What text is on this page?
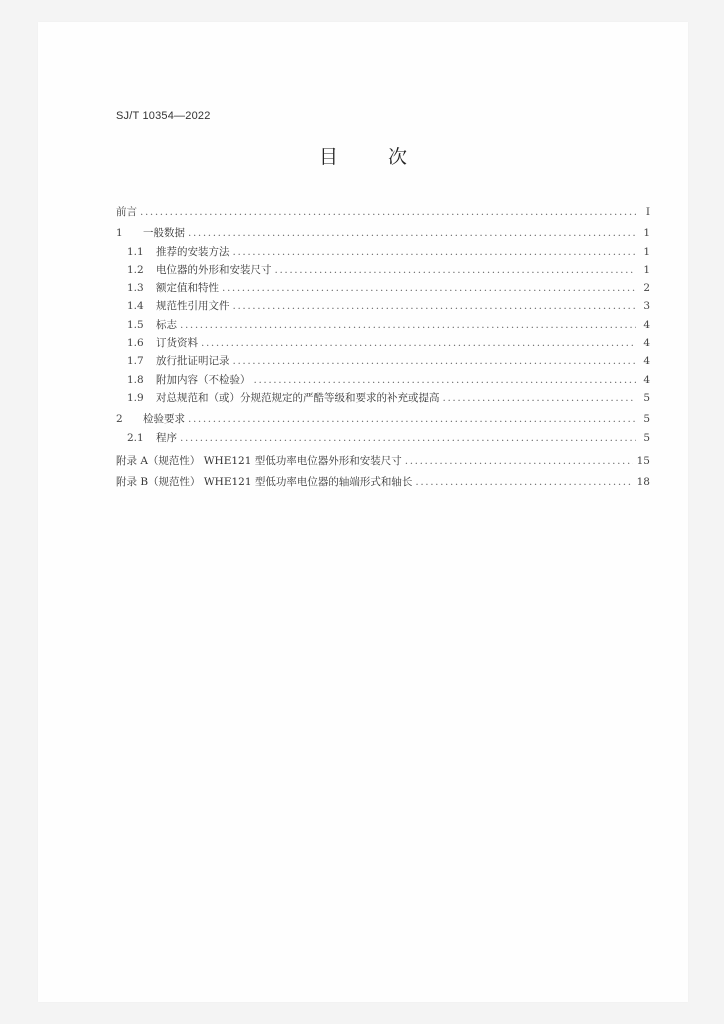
SJ/T 10354—2022
目 次
前言 .....	I
1	一般数据 .....	1
1.1	推荐的安装方法 .....	1
1.2	电位器的外形和安装尺寸 .....	1
1.3	额定值和特性 .....	2
1.4	规范性引用文件 .....	3
1.5	标志 .....	4
1.6	订货资料 .....	4
1.7	放行批证明记录 .....	4
1.8	附加内容（不检验） .....	4
1.9	对总规范和（或）分规范规定的严酷等级和要求的补充或提高 .....	5
2	检验要求 .....	5
2.1	程序 .....	5
附录 A（规范性） WHE121 型低功率电位器外形和安装尺寸 .....	15
附录 B（规范性） WHE121 型低功率电位器的轴端形式和轴长 .....	18
